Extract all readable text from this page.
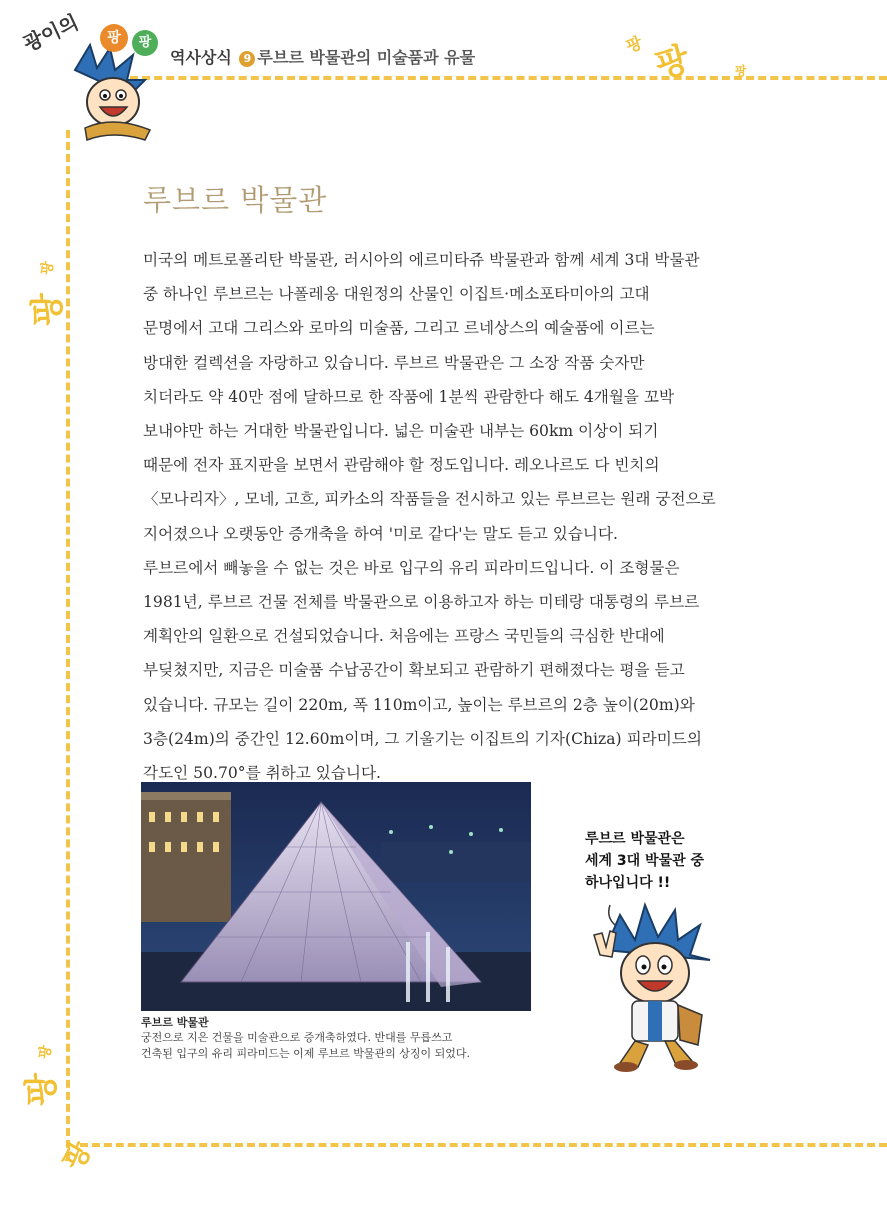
광이의	팡	팡
역사상식 9 루브르 박물관의 미술품과 유물
팡 팡	팡
팡
팡
팡
팡
팡
루브르 박물관
미국의 메트로폴리탄 박물관, 러시아의 에르미타쥬 박물관과 함께 세계 3대 박물관
중 하나인 루브르는 나폴레옹 대원정의 산물인 이집트·메소포타미아의 고대
문명에서 고대 그리스와 로마의 미술품, 그리고 르네상스의 예술품에 이르는
방대한 컬렉션을 자랑하고 있습니다. 루브르 박물관은 그 소장 작품 숫자만
치더라도 약 40만 점에 달하므로 한 작품에 1분씩 관람한다 해도 4개월을 꼬박
보내야만 하는 거대한 박물관입니다. 넓은 미술관 내부는 60km 이상이 되기
때문에 전자 표지판을 보면서 관람해야 할 정도입니다. 레오나르도 다 빈치의
〈모나리자〉, 모네, 고흐, 피카소의 작품들을 전시하고 있는 루브르는 원래 궁전으로
지어졌으나 오랫동안 증개축을 하여 '미로 같다'는 말도 듣고 있습니다.
루브르에서 빼놓을 수 없는 것은 바로 입구의 유리 피라미드입니다. 이 조형물은
1981년, 루브르 건물 전체를 박물관으로 이용하고자 하는 미테랑 대통령의 루브르
계획안의 일환으로 건설되었습니다. 처음에는 프랑스 국민들의 극심한 반대에
부딪쳤지만, 지금은 미술품 수납공간이 확보되고 관람하기 편해졌다는 평을 듣고
있습니다. 규모는 길이 220m, 폭 110m이고, 높이는 루브르의 2층 높이(20m)와
3층(24m)의 중간인 12.60m이며, 그 기울기는 이집트의 기자(Chiza) 피라미드의
각도인 50.70°를 취하고 있습니다.
루브르 박물관
궁전으로 지은 건물을 미술관으로 증개축하였다. 반대를 무릅쓰고
건축된 입구의 유리 피라미드는 이제 루브르 박물관의 상징이 되었다.
루브르 박물관은
세계 3대 박물관 중
하나입니다 !!
